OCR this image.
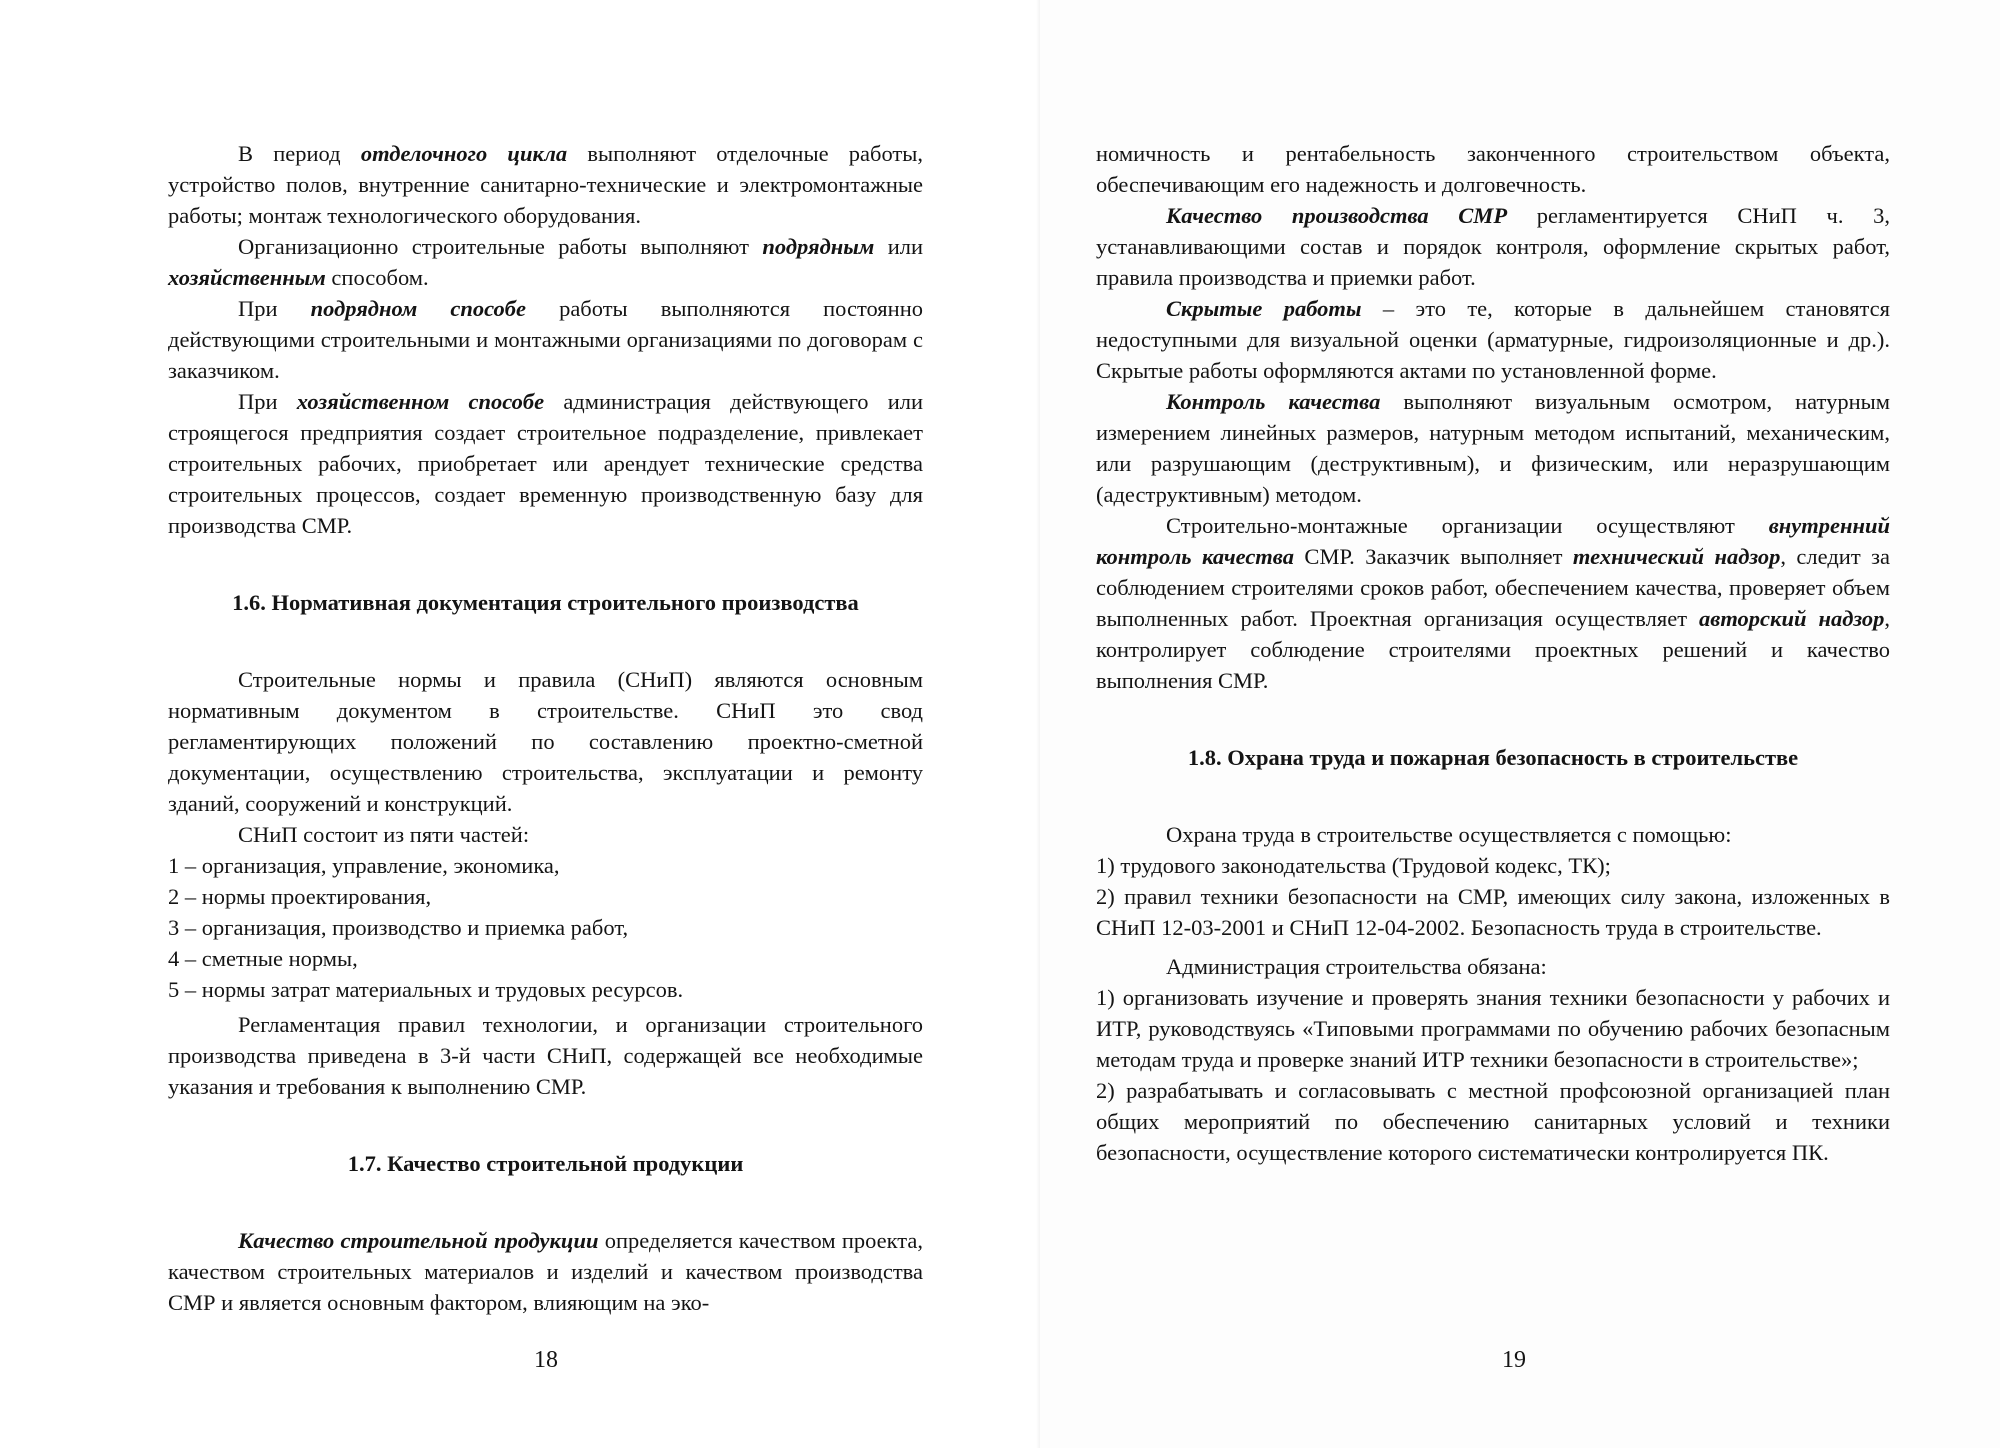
В период отделочного цикла выполняют отделочные работы, устройство полов, внутренние санитарно-технические и электромонтажные работы; монтаж технологического оборудования.

Организационно строительные работы выполняют подрядным или хозяйственным способом.

При подрядном способе работы выполняются постоянно действующими строительными и монтажными организациями по договорам с заказчиком.

При хозяйственном способе администрация действующего или строящегося предприятия создает строительное подразделение, привлекает строительных рабочих, приобретает или арендует технические средства строительных процессов, создает временную производственную базу для производства СМР.

1.6. Нормативная документация строительного производства

Строительные нормы и правила (СНиП) являются основным нормативным документом в строительстве. СНиП это свод регламентирующих положений по составлению проектно-сметной документации, осуществлению строительства, эксплуатации и ремонту зданий, сооружений и конструкций.

СНиП состоит из пяти частей:

1 – организация, управление, экономика,

2 – нормы проектирования,

3 – организация, производство и приемка работ,

4 – сметные нормы,

5 – нормы затрат материальных и трудовых ресурсов.

Регламентация правил технологии, и организации строительного производства приведена в 3-й части СНиП, содержащей все необходимые указания и требования к выполнению СМР.

1.7. Качество строительной продукции

Качество строительной продукции определяется качеством проекта, качеством строительных материалов и изделий и качеством производства СМР и является основным фактором, влияющим на эко-

18

номичность и рентабельность законченного строительством объекта, обеспечивающим его надежность и долговечность.

Качество производства СМР регламентируется СНиП ч. 3, устанавливающими состав и порядок контроля, оформление скрытых работ, правила производства и приемки работ.

Скрытые работы – это те, которые в дальнейшем становятся недоступными для визуальной оценки (арматурные, гидроизоляционные и др.). Скрытые работы оформляются актами по установленной форме.

Контроль качества выполняют визуальным осмотром, натурным измерением линейных размеров, натурным методом испытаний, механическим, или разрушающим (деструктивным), и физическим, или неразрушающим (адеструктивным) методом.

Строительно-монтажные организации осуществляют внутренний контроль качества СМР. Заказчик выполняет технический надзор, следит за соблюдением строителями сроков работ, обеспечением качества, проверяет объем выполненных работ. Проектная организация осуществляет авторский надзор, контролирует соблюдение строителями проектных решений и качество выполнения СМР.

1.8. Охрана труда и пожарная безопасность в строительстве

Охрана труда в строительстве осуществляется с помощью:

1) трудового законодательства (Трудовой кодекс, ТК);

2) правил техники безопасности на СМР, имеющих силу закона, изложенных в СНиП 12-03-2001 и СНиП 12-04-2002. Безопасность труда в строительстве.

Администрация строительства обязана:

1) организовать изучение и проверять знания техники безопасности у рабочих и ИТР, руководствуясь «Типовыми программами по обучению рабочих безопасным методам труда и проверке знаний ИТР техники безопасности в строительстве»;

2) разрабатывать и согласовывать с местной профсоюзной организацией план общих мероприятий по обеспечению санитарных условий и техники безопасности, осуществление которого систематически контролируется ПК.

19
